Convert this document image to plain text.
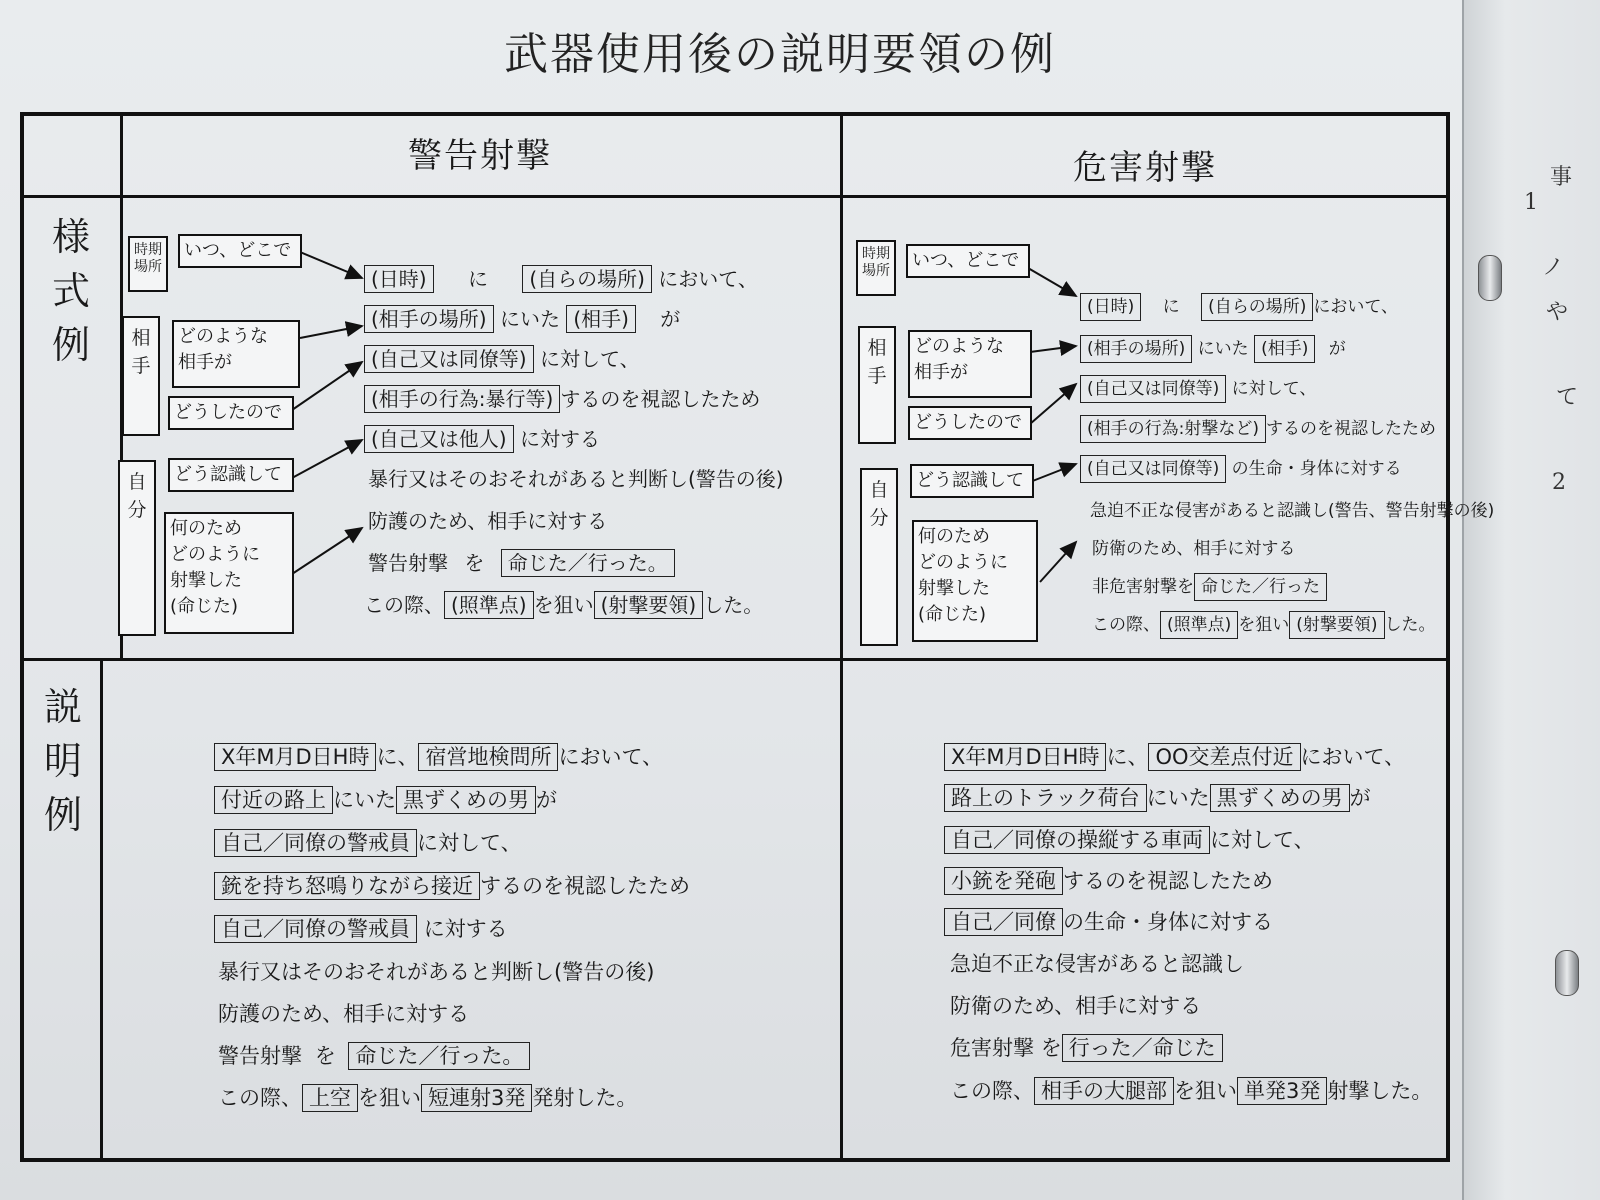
1
事
ノ
や
て
2
武器使用後の説明要領の例
警告射撃	危害射撃
様式例
説明例
時期場所
いつ、どこで
相手
どのような
相手が
どうしたので
自分
どう認識して
何のため
どのように
射撃した
(命じた)
(日時) に (自らの場所) において、
(相手の場所) にいた (相手) が
(自己又は同僚等) に対して、
(相手の行為:暴行等) するのを視認したため
(自己又は他人) に対する
暴行又はそのおそれがあると判断し(警告の後)
防護のため、相手に対する
警告射撃 を 命じた／行った。
この際、 (照準点) を狙い (射撃要領) した。
時期場所	いつ、どこで
相手
どのような
相手が
どうしたので
自分
どう認識して
何のため
どのように
射撃した
(命じた)
(日時) に (自らの場所) において、
(相手の場所) にいた (相手) が
(自己又は同僚等) に対して、
(相手の行為:射撃など) するのを視認したため
(自己又は同僚等) の生命・身体に対する
急迫不正な侵害があると認識し(警告、警告射撃の後)
防衛のため、相手に対する
非危害射撃を 命じた／行った
この際、 (照準点) を狙い (射撃要領) した。
X年M月D日H時 に、 宿営地検問所 において、
付近の路上 にいた 黒ずくめの男 が
自己／同僚の警戒員 に対して、
銃を持ち怒鳴りながら接近 するのを視認したため
自己／同僚の警戒員 に対する
暴行又はそのおそれがあると判断し(警告の後)
防護のため、相手に対する
警告射撃 を 命じた／行った。
この際、 上空 を狙い 短連射3発 発射した。
X年M月D日H時 に、 OO交差点付近 において、
路上のトラック荷台 にいた 黒ずくめの男 が
自己／同僚の操縦する車両 に対して、
小銃を発砲 するのを視認したため
自己／同僚 の生命・身体に対する
急迫不正な侵害があると認識し
防衛のため、相手に対する
危害射撃 を 行った／命じた
この際、 相手の大腿部 を狙い 単発3発 射撃した。
